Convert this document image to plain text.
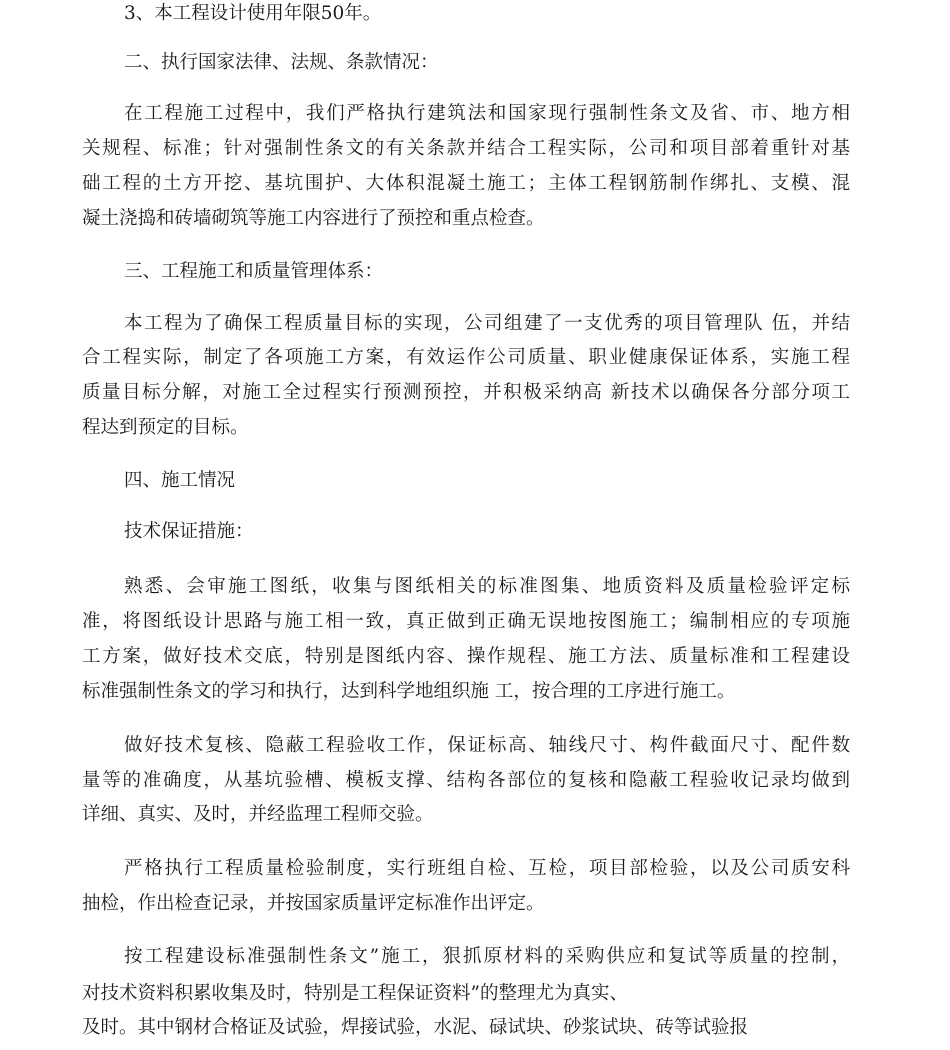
3、本工程设计使用年限50年。
二、执行国家法律、法规、条款情况：
在工程施工过程中，我们严格执行建筑法和国家现行强制性条文及省、市、地方相
关规程、标准；针对强制性条文的有关条款并结合工程实际，公司和项目部着重针对基
础工程的土方开挖、基坑围护、大体积混凝土施工；主体工程钢筋制作绑扎、支模、混
凝土浇捣和砖墙砌筑等施工内容进行了预控和重点检查。
三、工程施工和质量管理体系：
本工程为了确保工程质量目标的实现，公司组建了一支优秀的项目管理队 伍，并结
合工程实际，制定了各项施工方案，有效运作公司质量、职业健康保证体系，实施工程
质量目标分解，对施工全过程实行预测预控，并积极采纳高 新技术以确保各分部分项工
程达到预定的目标。
四、施工情况
技术保证措施：
熟悉、会审施工图纸，收集与图纸相关的标准图集、地质资料及质量检验评定标
准，将图纸设计思路与施工相一致，真正做到正确无误地按图施工；编制相应的专项施
工方案，做好技术交底，特别是图纸内容、操作规程、施工方法、质量标准和工程建设
标准强制性条文的学习和执行，达到科学地组织施 工，按合理的工序进行施工。
做好技术复核、隐蔽工程验收工作，保证标高、轴线尺寸、构件截面尺寸、配件数
量等的准确度，从基坑验槽、模板支撑、结构各部位的复核和隐蔽工程验收记录均做到
详细、真实、及时，并经监理工程师交验。
严格执行工程质量检验制度，实行班组自检、互检，项目部检验，以及公司质安科
抽检，作出检查记录，并按国家质量评定标准作出评定。
按工程建设标准强制性条文”施工，狠抓原材料的采购供应和复试等质量的控制，
对技术资料积累收集及时，特别是工程保证资料”的整理尤为真实、
及时。其中钢材合格证及试验，焊接试验，水泥、碌试块、砂浆试块、砖等试验报
